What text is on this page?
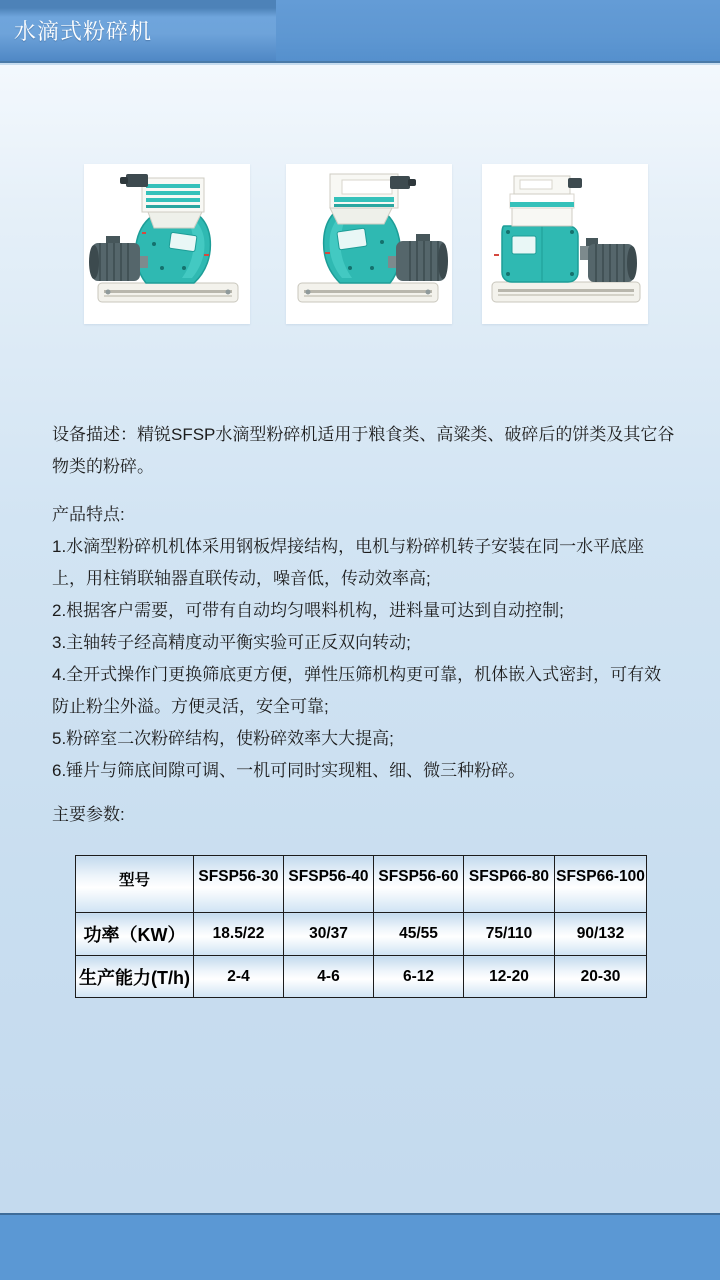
水滴式粉碎机

设备描述：精锐SFSP水滴型粉碎机适用于粮食类、高粱类、破碎后的饼类及其它谷物类的粉碎。

产品特点:

1.水滴型粉碎机机体采用钢板焊接结构，电机与粉碎机转子安装在同一水平底座上，用柱销联轴器直联传动，噪音低，传动效率高;

2.根据客户需要，可带有自动均匀喂料机构，进料量可达到自动控制;

3.主轴转子经高精度动平衡实验可正反双向转动;

4.全开式操作门更换筛底更方便，弹性压筛机构更可靠，机体嵌入式密封，可有效防止粉尘外溢。方便灵活，安全可靠;

5.粉碎室二次粉碎结构，使粉碎效率大大提高;

6.锤片与筛底间隙可调、一机可同时实现粗、细、微三种粉碎。

主要参数:

型号	SFSP56-30	SFSP56-40	SFSP56-60	SFSP66-80	SFSP66-100
功率（KW）	18.5/22	30/37	45/55	75/110	90/132
生产能力(T/h)	2-4	4-6	6-12	12-20	20-30
